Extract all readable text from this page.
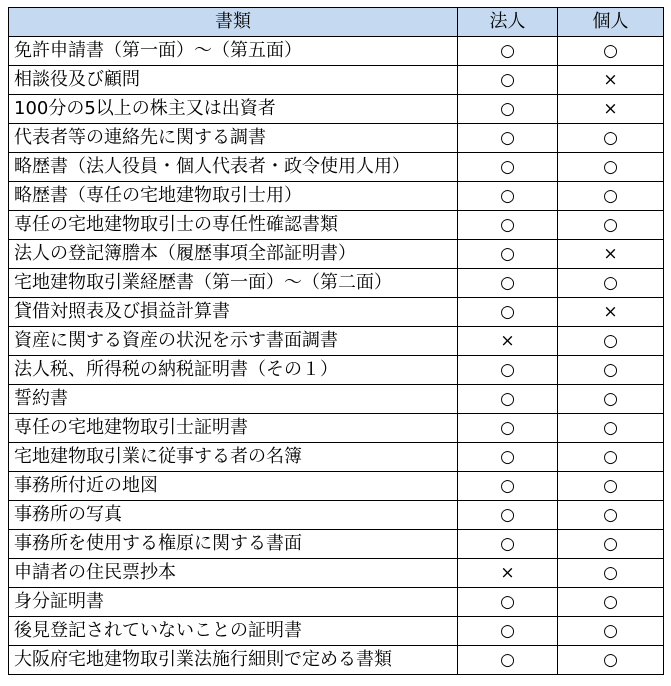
書類	法人	個人
免許申請書（第一面）～（第五面）	○	○
相談役及び顧問	○	×
100分の5以上の株主又は出資者	○	×
代表者等の連絡先に関する調書	○	○
略歴書（法人役員・個人代表者・政令使用人用）	○	○
略歴書（専任の宅地建物取引士用）	○	○
専任の宅地建物取引士の専任性確認書類	○	○
法人の登記簿謄本（履歴事項全部証明書）	○	×
宅地建物取引業経歴書（第一面）～（第二面）	○	○
貸借対照表及び損益計算書	○	×
資産に関する資産の状況を示す書面調書	×	○
法人税、所得税の納税証明書（その１）	○	○
誓約書	○	○
専任の宅地建物取引士証明書	○	○
宅地建物取引業に従事する者の名簿	○	○
事務所付近の地図	○	○
事務所の写真	○	○
事務所を使用する権原に関する書面	○	○
申請者の住民票抄本	×	○
身分証明書	○	○
後見登記されていないことの証明書	○	○
大阪府宅地建物取引業法施行細則で定める書類	○	○
